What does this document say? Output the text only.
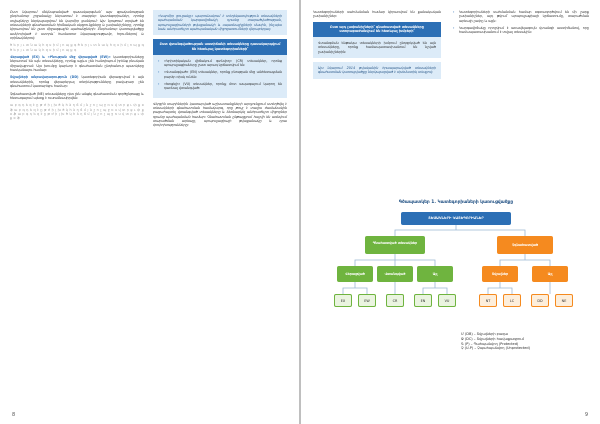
Ըստ նկարում մեկնաբանված դասակարգման՝ այս գրականության ընդհանուր շրջանակը ներառում է տարբեր կատեգորիաներ, որոնց տվյալները ներկայացվում են կարմիր ցանկում: Այս նյութում տրված են տեսակների գնահատման հիմնական սկզբունքները և չափանիշները, որոնք կիրառվում են ըստ միջազգային պահանջների: Ընդհանուր կառուցվածքը ամփոփված է ստորև՝ համառոտ նկարագրությամբ, հղումներով և օրինակներով:
ծ ե ր յ ւ տ ն ա կ հ զ ս ի մ լ ո պ ք գ ծ ե ր յ ւ տ ն ա կ հ զ ս ի մ լ ո պ ք գ ծ ե ր յ ւ տ ն ա կ հ զ ս ի մ լ ո պ ք գ
Վերացված (EX) և «Բնության մեջ վերացված (EW)» կատեգորիաները ներառում են այն տեսակները, որոնք այլևս չեն հանդիպում իրենց բնական միջավայրում: Այս խումբը կարևոր է գնահատման ընդհանուր պատկերը հասկանալու համար:
Տվյալների անբավարարություն (DD) կատեգորիան վերագրվում է այն տեսակներին, որոնց վերաբերյալ տեղեկությունները բավարար չեն գնահատում կատարելու համար:
Չգնահատված (NE) տեսակները դեռ չեն անցել գնահատման գործընթացը և հետագայում պետք է ուսումնասիրվեն:
ա բ գ դ ե զ է ը թ ժ ի լ խ ծ կ հ ձ ղ ճ մ յ ն շ ո չ պ ջ ռ ս վ տ ր ց ւ փ ք օ ֆ ա բ գ դ ե զ է ը թ ժ ի լ խ ծ կ հ ձ ղ ճ մ յ ն շ ո չ պ ջ ռ ս վ տ ր ց ւ փ ք օ ֆ ա բ գ դ ե զ է ը թ ժ ի լ խ ծ կ հ ձ ղ ճ մ յ ն շ ո չ պ ջ ռ ս վ տ ր ց ւ փ ք օ ֆ
«Կարմիր ցուցակը» պարունակում է տեղեկատվություն տեսակների պահպանման կարգավիճակի, դրանց տարածվածության, պոպուլյացիաների թվաքանակի և սպառնալիքների մասին, ինչպես նաև անհրաժեշտ պահպանական միջոցառումների վերաբերյալ:
Ըստ վտանգվածության աստիճանի տեսակները դասակարգվում են հետևյալ կատեգորիաների՝
› «Կրիտիկական վիճակում գտնվող» (CR) տեսակներ, որոնց պոպուլյացիաները շատ արագ կրճատվում են:
› «Վտանգված» (EN) տեսակներ, որոնք բնության մեջ անհետացման բարձր ռիսկ ունեն:
› «Խոցելի» (VU) տեսակներ, որոնք մոտ ապագայում կարող են դառնալ վտանգված:
Վերջին տարիներին կատարված աշխատանքների արդյունքում ստեղծվել է տեսակների գնահատման համակարգ, որը թույլ է տալիս ժամանակին բացահայտել վտանգված տեսակները և ձեռնարկել անհրաժեշտ միջոցներ դրանց պահպանման համար: Գնահատման ընթացքում հաշվի են առնվում տարածման արեալը, պոպուլյացիայի թվաքանակը և դրա փոփոխությունները:
8
Կատեգորիաների սահմանման համար կիրառվում են քանակական չափանիշներ:
Ըստ այդ չափանիշների՝ գնահատված տեսակները ստորաբաժանվում են հետևյալ խմբերի՝
Վտանգման ենթակա տեսակների խմբում ընդգրկված են այն տեսակները, որոնք համապատասխանում են նշված չափանիշներին:
Այս նկարում 2014 թվականին հրապարակված տեսակների գնահատման կառուցվածքը ներկայացված է սխեմատիկ տեսքով:
› Կատեգորիաների սահմանման համար օգտագործվում են մի շարք չափանիշներ, այդ թվում՝ պոպուլյացիայի կրճատումը, տարածման արեալի չափը և այլն:
› Կարգավիճակը որոշվում է առավելագույն վտանգի աստիճանով, որը համապատասխանում է տվյալ տեսակին:
Գծապատկեր 1. Կատեգորիաների կառուցվածքը
ՏԵՍԱԿՆԵՐԻ ԿԱՏԵԳՈՐԻԱՆԵՐ
Գնահատված տեսակներ	Չգնահատված
Վերացված	Վտանգված	Այլ	Տվյալներ	Այլ
EX	EW	CR	EN	VU	NT	LC	DD	NE
Մ (DB) – Տվյալների բազա
Ջ (DC) – Տվյալների հավաքագրում
Գ (P) – Պահպանվող (Protected)
Չ (U-P) – Չպահպանվող (Unprotected)
9
